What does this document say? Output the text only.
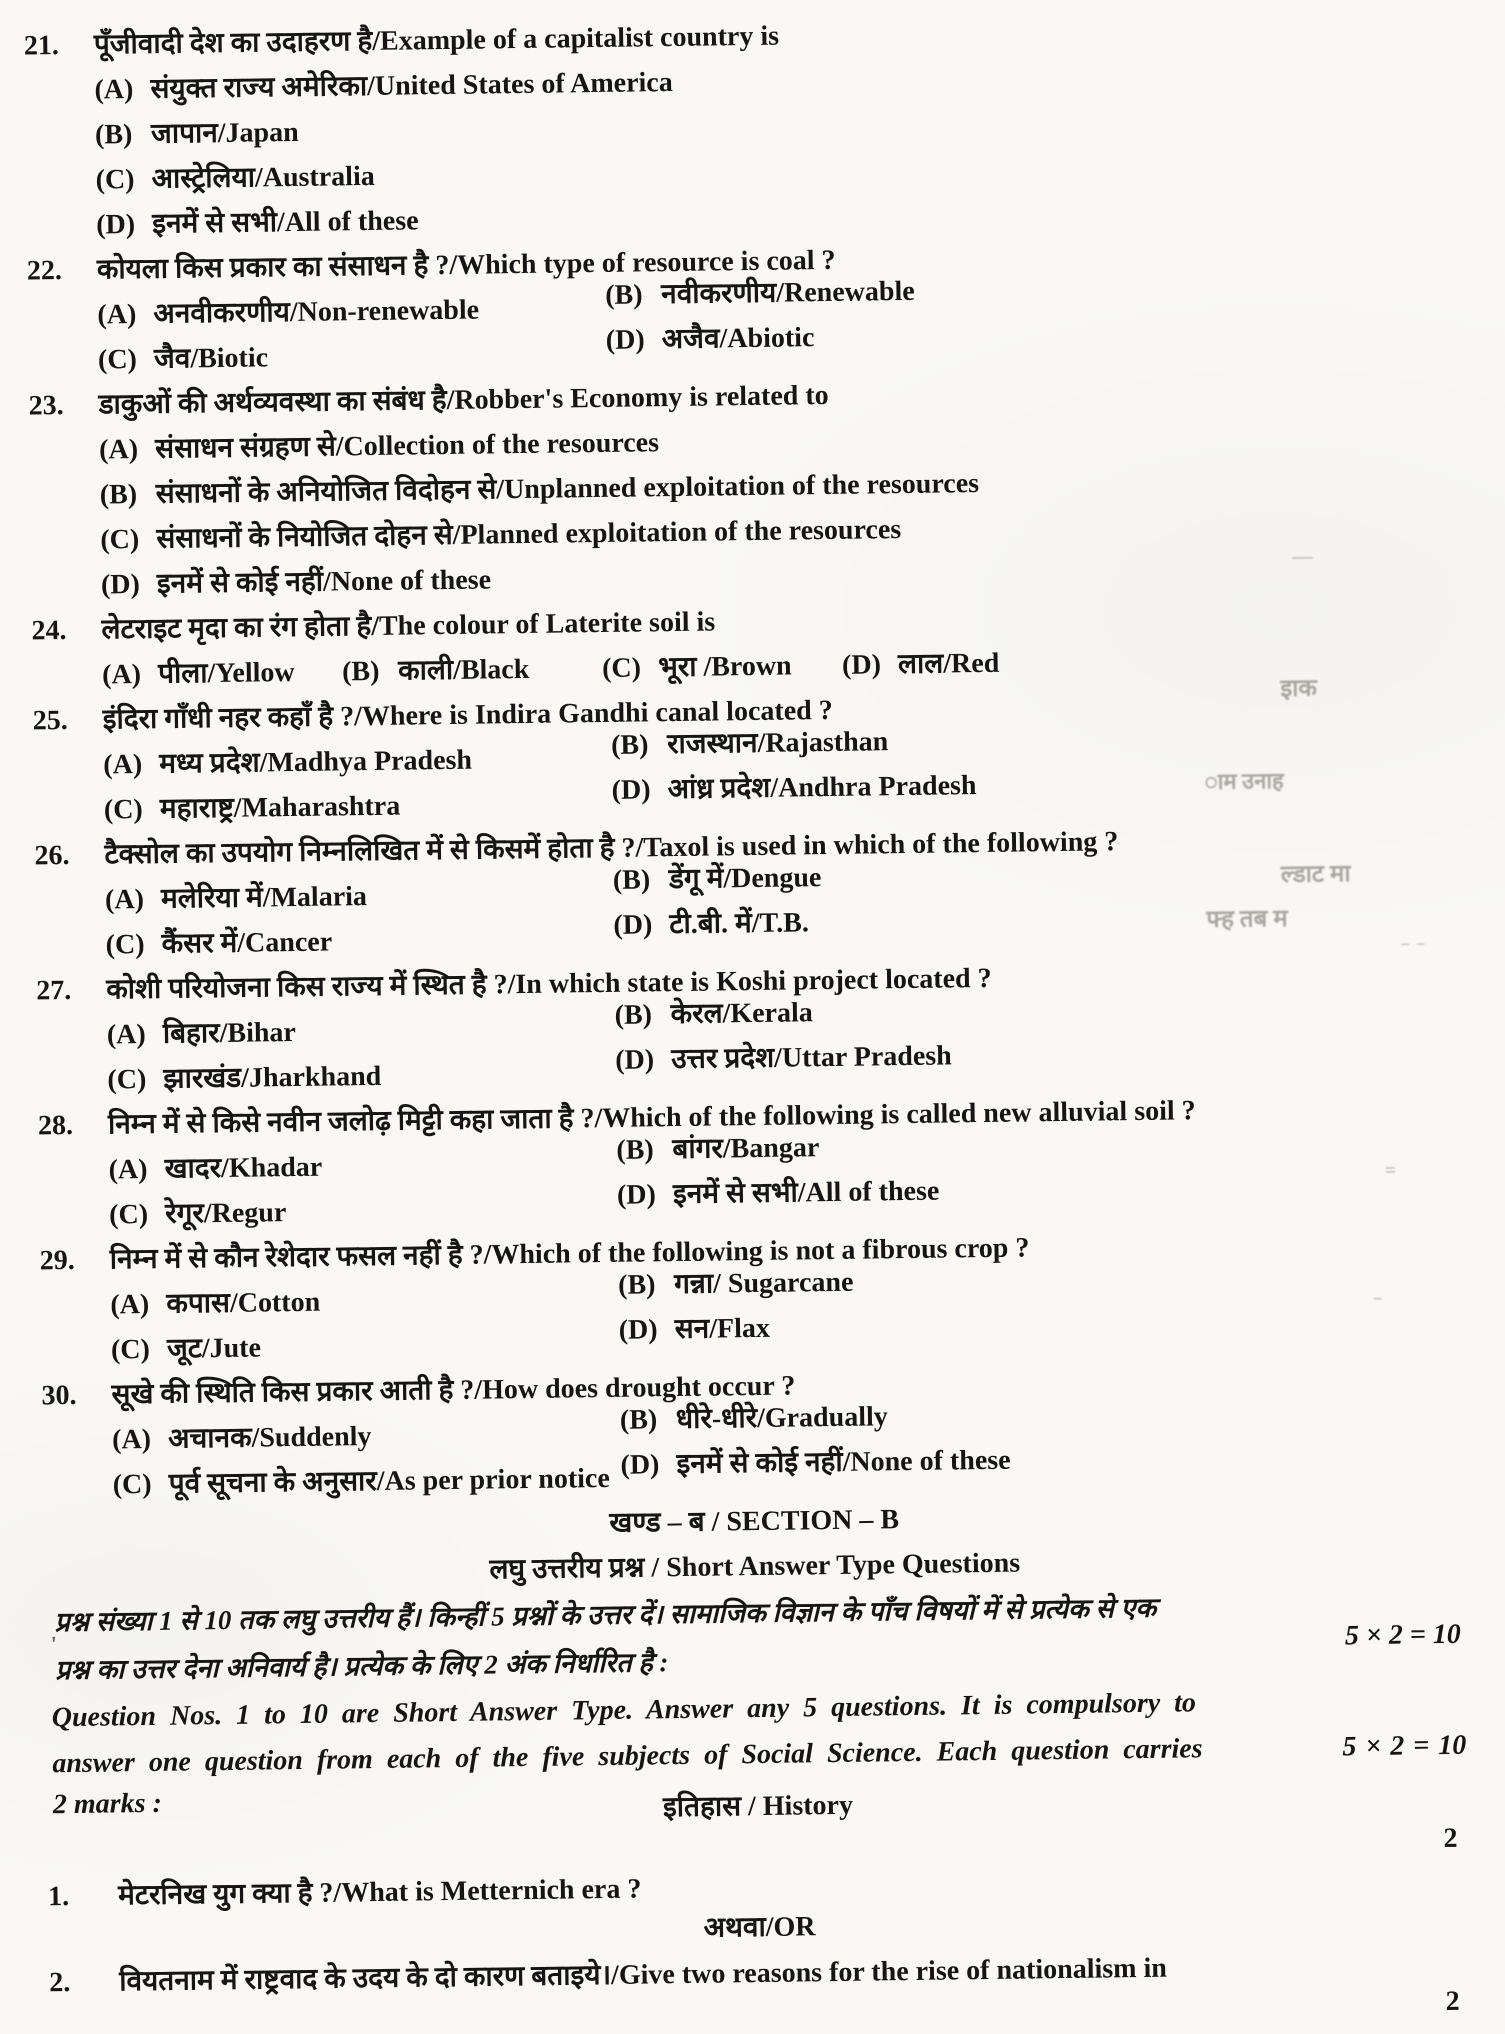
21.	पूँजीवादी देश का उदाहरण है/Example of a capitalist country is
(A) संयुक्त राज्य अमेरिका/United States of America
(B) जापान/Japan
(C) आस्ट्रेलिया/Australia
(D) इनमें से सभी/All of these
22.	कोयला किस प्रकार का संसाधन है ?/Which type of resource is coal ?
(A) अनवीकरणीय/Non-renewable	(B) नवीकरणीय/Renewable
(C) जैव/Biotic
(D) अजैव/Abiotic
23.	डाकुओं की अर्थव्यवस्था का संबंध है/Robber's Economy is related to
(A) संसाधन संग्रहण से/Collection of the resources
(B) संसाधनों के अनियोजित विदोहन से/Unplanned exploitation of the resources
(C) संसाधनों के नियोजित दोहन से/Planned exploitation of the resources
(D) इनमें से कोई नहीं/None of these
24.	लेटराइट मृदा का रंग होता है/The colour of Laterite soil is
(A) पीला/Yellow (B) काली/Black	(C) भूरा /Brown (D) लाल/Red
25.	इंदिरा गाँधी नहर कहाँ है ?/Where is Indira Gandhi canal located ?
(A) मध्य प्रदेश/Madhya Pradesh	(B) राजस्थान/Rajasthan
(C) महाराष्ट्र/Maharashtra
(D) आंध्र प्रदेश/Andhra Pradesh
26.	टैक्सोल का उपयोग निम्नलिखित में से किसमें होता है ?/Taxol is used in which of the following ?
(A) मलेरिया में/Malaria
(B) डेंगू में/Dengue
(C) कैंसर में/Cancer
(D) टी.बी. में/T.B.
27.	कोशी परियोजना किस राज्य में स्थित है ?/In which state is Koshi project located ?
(A) बिहार/Bihar
(B) केरल/Kerala
(C) झारखंड/Jharkhand
(D) उत्तर प्रदेश/Uttar Pradesh
28.	निम्न में से किसे नवीन जलोढ़ मिट्टी कहा जाता है ?/Which of the following is called new alluvial soil ?
(A) खादर/Khadar
(B) बांगर/Bangar
(C) रेगूर/Regur
(D) इनमें से सभी/All of these
29.	निम्न में से कौन रेशेदार फसल नहीं है ?/Which of the following is not a fibrous crop ?
(A) कपास/Cotton
(B) गन्ना/ Sugarcane
(C) जूट/Jute
(D) सन/Flax
30.	सूखे की स्थिति किस प्रकार आती है ?/How does drought occur ?
(A) अचानक/Suddenly
(B) धीरे-धीरे/Gradually
(C) पूर्व सूचना के अनुसार/As per prior notice (D) इनमें से कोई नहीं/None of these
खण्ड – ब / SECTION – B
लघु उत्तरीय प्रश्न / Short Answer Type Questions
प्रश्न संख्या 1 से 10 तक लघु उत्तरीय हैं। किन्हीं 5 प्रश्नों के उत्तर दें। सामाजिक विज्ञान के पाँच विषयों में से प्रत्येक से एक
प्रश्न का उत्तर देना अनिवार्य है। प्रत्येक के लिए 2 अंक निर्धारित है :
5 × 2 = 10
Question Nos. 1 to 10 are Short Answer Type. Answer any 5 questions. It is compulsory to
answer one question from each of the five subjects of Social Science. Each question carries	5 × 2 = 10
2 marks :	इतिहास / History
2
1.	मेटरनिख युग क्या है ?/What is Metternich era ?
अथवा/OR
2.	वियतनाम में राष्ट्रवाद के उदय के दो कारण बताइये।/Give two reasons for the rise of nationalism in
2
＿
इाक
ाम उनाह
ल्डाट मा
फ्ह तब म
⁻ ⁻
=
⁻
'
